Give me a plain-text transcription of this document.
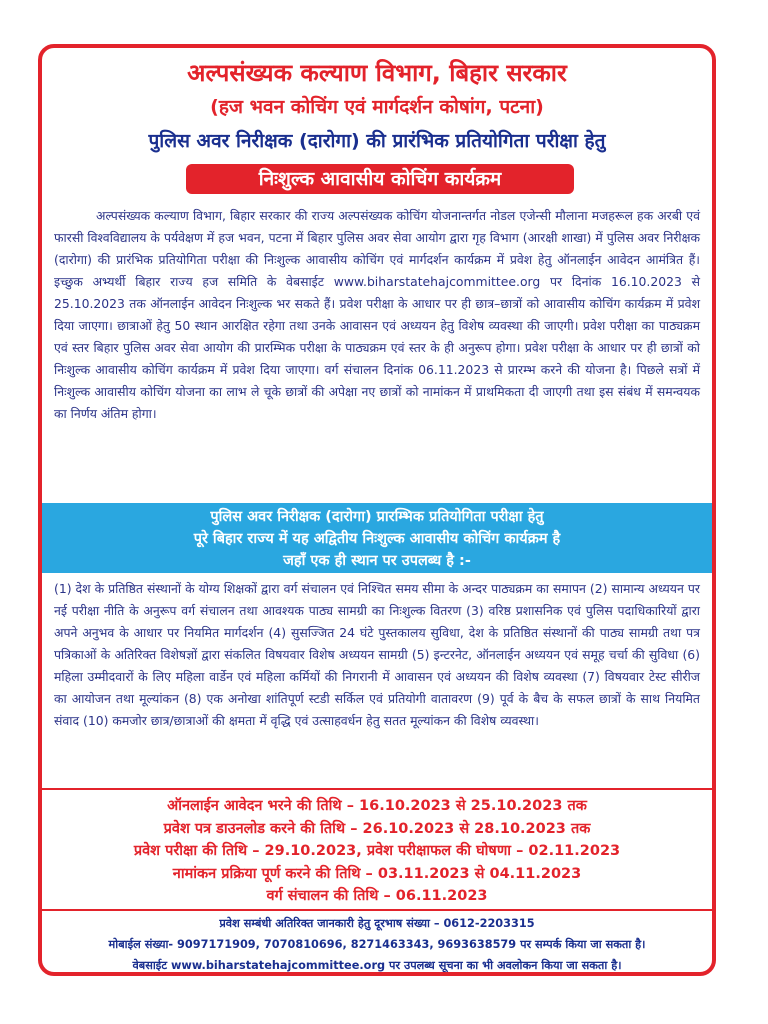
अल्पसंख्यक कल्याण विभाग, बिहार सरकार
(हज भवन कोचिंग एवं मार्गदर्शन कोषांग, पटना)
पुलिस अवर निरीक्षक (दारोगा) की प्रारंभिक प्रतियोगिता परीक्षा हेतु
निःशुल्क आवासीय कोचिंग कार्यक्रम
अल्पसंख्यक कल्याण विभाग, बिहार सरकार की राज्य अल्पसंख्यक कोचिंग योजनान्तर्गत नोडल एजेन्सी मौलाना मजहरूल हक अरबी एवं फारसी विश्वविद्यालय के पर्यवेक्षण में हज भवन, पटना में बिहार पुलिस अवर सेवा आयोग द्वारा गृह विभाग (आरक्षी शाखा) में पुलिस अवर निरीक्षक (दारोगा) की प्रारंभिक प्रतियोगिता परीक्षा की निःशुल्क आवासीय कोचिंग एवं मार्गदर्शन कार्यक्रम में प्रवेश हेतु ऑनलाईन आवेदन आमंत्रित हैं। इच्छुक अभ्यर्थी बिहार राज्य हज समिति के वेबसाईट www.biharstatehajcommittee.org पर दिनांक 16.10.2023 से 25.10.2023 तक ऑनलाईन आवेदन निःशुल्क भर सकते हैं। प्रवेश परीक्षा के आधार पर ही छात्र–छात्रों को आवासीय कोचिंग कार्यक्रम में प्रवेश दिया जाएगा। छात्राओं हेतु 50 स्थान आरक्षित रहेगा तथा उनके आवासन एवं अध्ययन हेतु विशेष व्यवस्था की जाएगी। प्रवेश परीक्षा का पाठ्यक्रम एवं स्तर बिहार पुलिस अवर सेवा आयोग की प्रारम्भिक परीक्षा के पाठ्यक्रम एवं स्तर के ही अनुरूप होगा। प्रवेश परीक्षा के आधार पर ही छात्रों को निःशुल्क आवासीय कोचिंग कार्यक्रम में प्रवेश दिया जाएगा। वर्ग संचालन दिनांक 06.11.2023 से प्रारम्भ करने की योजना है। पिछले सत्रों में निःशुल्क आवासीय कोचिंग योजना का लाभ ले चूके छात्रों की अपेक्षा नए छात्रों को नामांकन में प्राथमिकता दी जाएगी तथा इस संबंध में समन्वयक का निर्णय अंतिम होगा।
पुलिस अवर निरीक्षक (दारोगा) प्रारम्भिक प्रतियोगिता परीक्षा हेतु
पूरे बिहार राज्य में यह अद्वितीय निःशुल्क आवासीय कोचिंग कार्यक्रम है
जहाँ एक ही स्थान पर उपलब्ध है :-
(1) देश के प्रतिष्ठित संस्थानों के योग्य शिक्षकों द्वारा वर्ग संचालन एवं निश्चित समय सीमा के अन्दर पाठ्यक्रम का समापन (2) सामान्य अध्ययन पर नई परीक्षा नीति के अनुरूप वर्ग संचालन तथा आवश्यक पाठ्य सामग्री का निःशुल्क वितरण (3) वरिष्ठ प्रशासनिक एवं पुलिस पदाधिकारियों द्वारा अपने अनुभव के आधार पर नियमित मार्गदर्शन (4) सुसज्जित 24 घंटे पुस्तकालय सुविधा, देश के प्रतिष्ठित संस्थानों की पाठ्य सामग्री तथा पत्र पत्रिकाओं के अतिरिक्त विशेषज्ञों द्वारा संकलित विषयवार विशेष अध्ययन सामग्री (5) इन्टरनेट, ऑनलाईन अध्ययन एवं समूह चर्चा की सुविधा (6) महिला उम्मीदवारों के लिए महिला वार्डेन एवं महिला कर्मियों की निगरानी में आवासन एवं अध्ययन की विशेष व्यवस्था (7) विषयवार टेस्ट सीरीज का आयोजन तथा मूल्यांकन (8) एक अनोखा शांतिपूर्ण स्टडी सर्किल एवं प्रतियोगी वातावरण (9) पूर्व के बैच के सफल छात्रों के साथ नियमित संवाद (10) कमजोर छात्र/छात्राओं की क्षमता में वृद्धि एवं उत्साहवर्धन हेतु सतत मूल्यांकन की विशेष व्यवस्था।
ऑनलाईन आवेदन भरने की तिथि – 16.10.2023 से 25.10.2023 तक
प्रवेश पत्र डाउनलोड करने की तिथि – 26.10.2023 से 28.10.2023 तक
प्रवेश परीक्षा की तिथि – 29.10.2023, प्रवेश परीक्षाफल की घोषणा – 02.11.2023
नामांकन प्रक्रिया पूर्ण करने की तिथि – 03.11.2023 से 04.11.2023
वर्ग संचालन की तिथि – 06.11.2023
प्रवेश सम्बंधी अतिरिक्त जानकारी हेतु दूरभाष संख्या – 0612-2203315
मोबाईल संख्या- 9097171909, 7070810696, 8271463343, 9693638579 पर सम्पर्क किया जा सकता है।
वेबसाईट www.biharstatehajcommittee.org पर उपलब्ध सूचना का भी अवलोकन किया जा सकता है।
